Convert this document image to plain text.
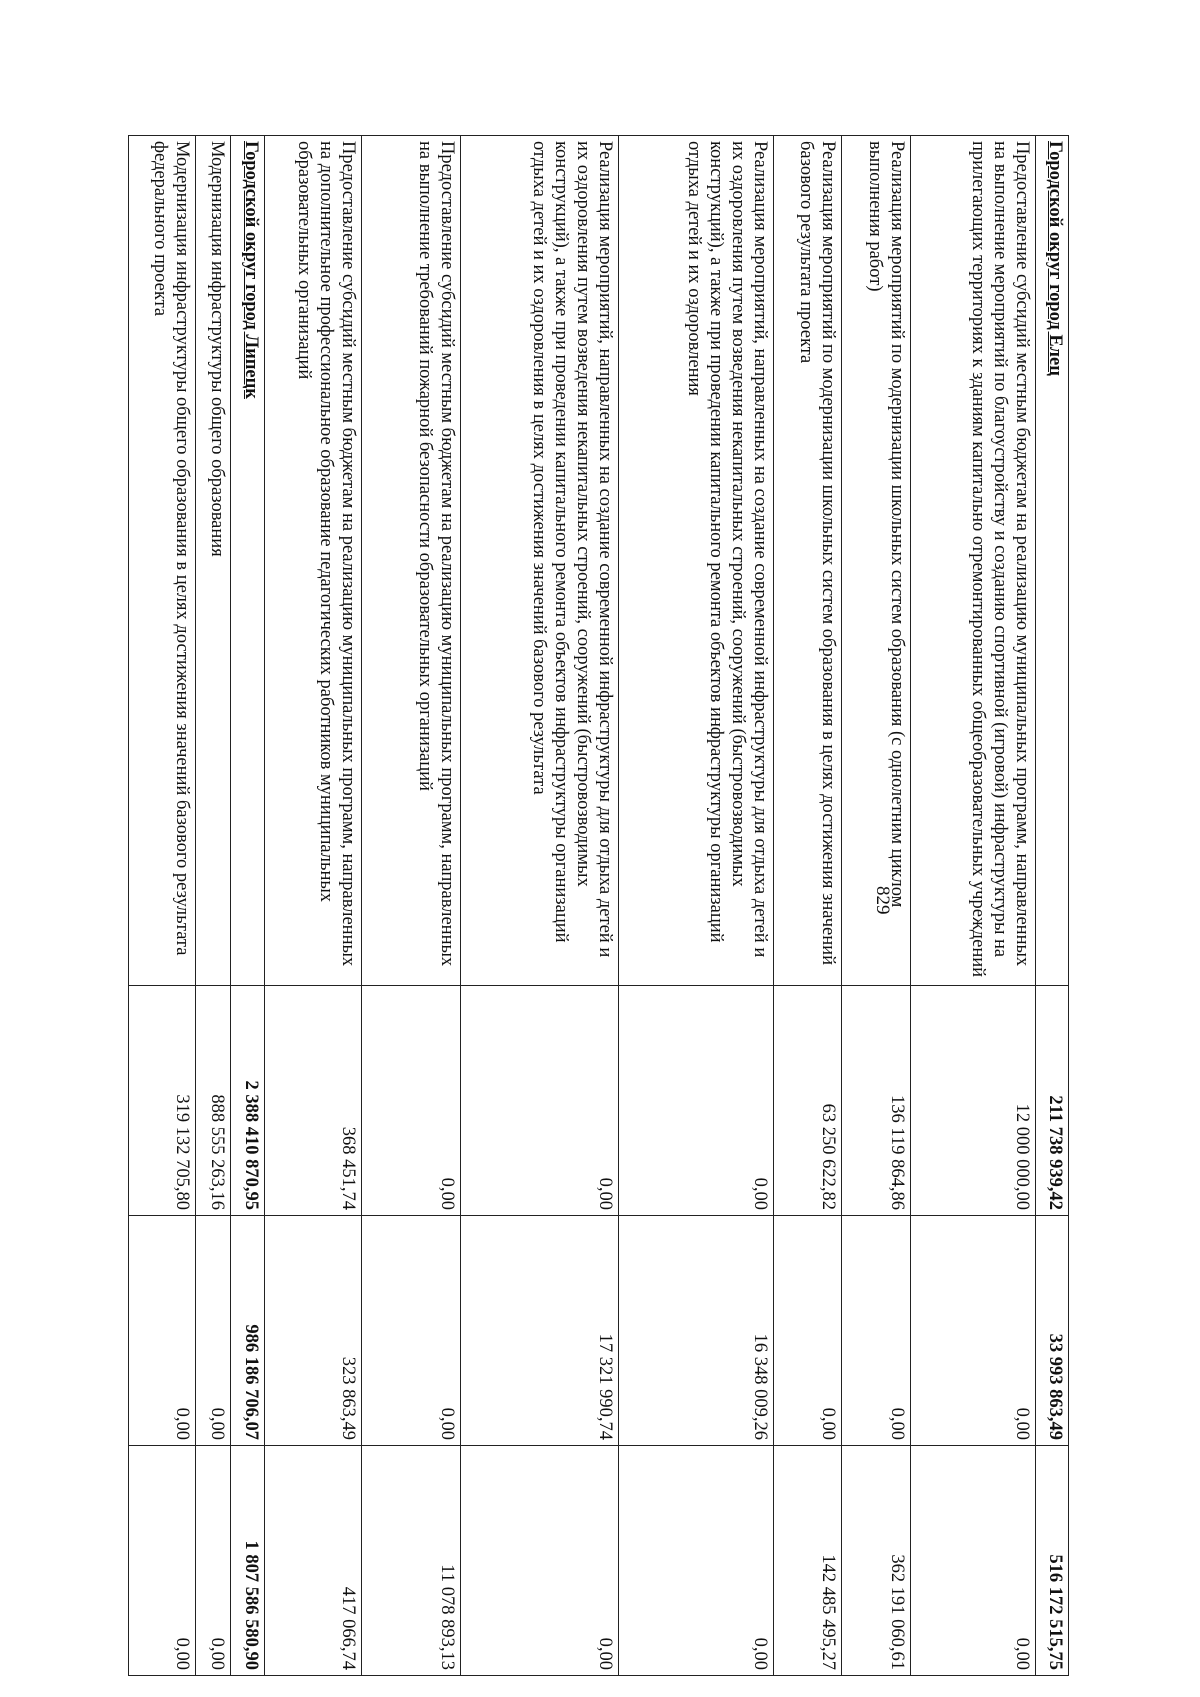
829
Городской округ город Елец	211 738 939,42	33 993 863,49	516 172 515,75
Предоставление субсидий местным бюджетам на реализацию муниципальных программ, направленных на выполнение мероприятий по благоустройству и созданию спортивной (игровой) инфраструктуры на прилегающих территориях к зданиям капитально отремонтированных общеобразовательных учреждений	12 000 000,00	0,00	0,00
Реализация мероприятий по модернизации школьных систем образования (с однолетним циклом выполнения работ)	136 119 864,86	0,00	362 191 060,61
Реализация мероприятий по модернизации школьных систем образования в целях достижения значений базового результата проекта	63 250 622,82	0,00	142 485 495,27
Реализация мероприятий, направленных на создание современной инфраструктуры для отдыха детей и их оздоровления путем возведения некапитальных строений, сооружений (быстровозводимых конструкций), а также при проведении капитального ремонта объектов инфраструктуры организаций отдыха детей и их оздоровления	0,00	16 348 009,26	0,00
Реализация мероприятий, направленных на создание современной инфраструктуры для отдыха детей и их оздоровления путем возведения некапитальных строений, сооружений (быстровозводимых конструкций), а также при проведении капитального ремонта объектов инфраструктуры организаций отдыха детей и их оздоровления в целях достижения значений базового результата	0,00	17 321 990,74	0,00
Предоставление субсидий местным бюджетам на реализацию муниципальных программ, направленных на выполнение требований пожарной безопасности образовательных организаций	0,00	0,00	11 078 893,13
Предоставление субсидий местным бюджетам на реализацию муниципальных программ, направленных на дополнительное профессиональное образование педагогических работников муниципальных образовательных организаций	368 451,74	323 863,49	417 066,74
Городской округ город Липецк	2 388 410 870,95	986 186 706,07	1 807 586 580,90
Модернизация инфраструктуры общего образования	888 555 263,16	0,00	0,00
Модернизация инфраструктуры общего образования в целях достижения значений базового результата федерального проекта	319 132 705,80	0,00	0,00
